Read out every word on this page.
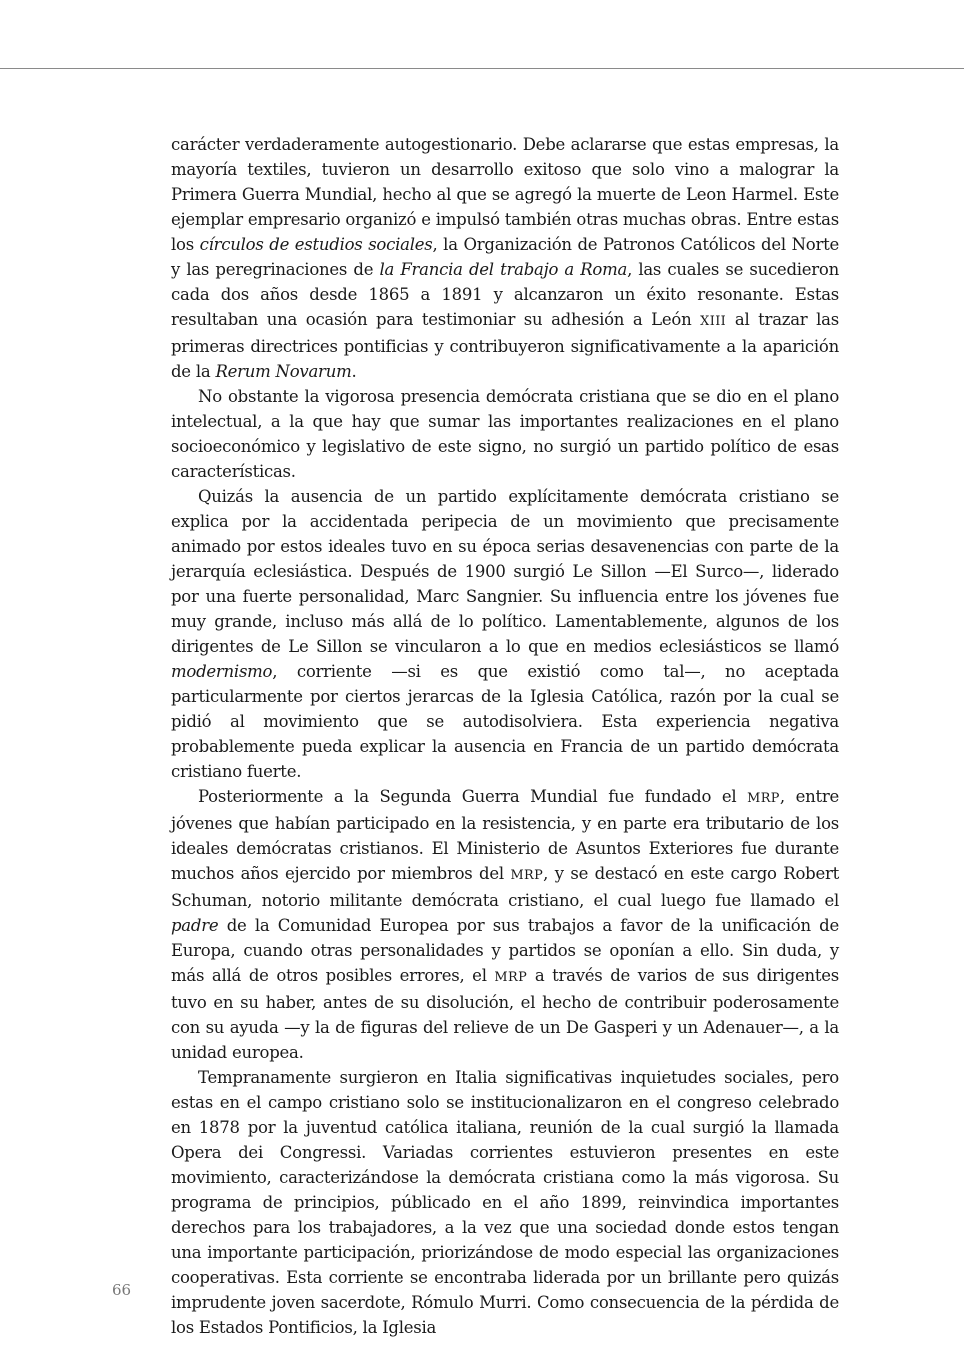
carácter verdaderamente autogestionario. Debe aclararse que estas empresas, la mayoría textiles, tuvieron un desarrollo exitoso que solo vino a malograr la Primera Guerra Mundial, hecho al que se agregó la muerte de Leon Harmel. Este ejemplar empresario organizó e impulsó también otras muchas obras. Entre estas los círculos de estudios sociales, la Organización de Patronos Católicos del Norte y las peregrinaciones de la Francia del trabajo a Roma, las cuales se sucedieron cada dos años desde 1865 a 1891 y alcanzaron un éxito resonante. Estas resultaban una ocasión para testimoniar su adhesión a León XIII al trazar las primeras directrices pontificias y contribuyeron significativamente a la aparición de la Rerum Novarum.

No obstante la vigorosa presencia demócrata cristiana que se dio en el plano intelectual, a la que hay que sumar las importantes realizaciones en el plano socioeconómico y legislativo de este signo, no surgió un partido político de esas características.

Quizás la ausencia de un partido explícitamente demócrata cristiano se explica por la accidentada peripecia de un movimiento que precisamente animado por estos ideales tuvo en su época serias desavenencias con parte de la jerarquía eclesiástica. Después de 1900 surgió Le Sillon —El Surco—, liderado por una fuerte personalidad, Marc Sangnier. Su influencia entre los jóvenes fue muy grande, incluso más allá de lo político. Lamentablemente, algunos de los dirigentes de Le Sillon se vincularon a lo que en medios eclesiásticos se llamó modernismo, corriente —si es que existió como tal—, no aceptada particularmente por ciertos jerarcas de la Iglesia Católica, razón por la cual se pidió al movimiento que se autodisolviera. Esta experiencia negativa probablemente pueda explicar la ausencia en Francia de un partido demócrata cristiano fuerte.

Posteriormente a la Segunda Guerra Mundial fue fundado el MRP, entre jóvenes que habían participado en la resistencia, y en parte era tributario de los ideales demócratas cristianos. El Ministerio de Asuntos Exteriores fue durante muchos años ejercido por miembros del MRP, y se destacó en este cargo Robert Schuman, notorio militante demócrata cristiano, el cual luego fue llamado el padre de la Comunidad Europea por sus trabajos a favor de la unificación de Europa, cuando otras personalidades y partidos se oponían a ello. Sin duda, y más allá de otros posibles errores, el MRP a través de varios de sus dirigentes tuvo en su haber, antes de su disolución, el hecho de contribuir poderosamente con su ayuda —y la de figuras del relieve de un De Gasperi y un Adenauer—, a la unidad europea.

Tempranamente surgieron en Italia significativas inquietudes sociales, pero estas en el campo cristiano solo se institucionalizaron en el congreso celebrado en 1878 por la juventud católica italiana, reunión de la cual surgió la llamada Opera dei Congressi. Variadas corrientes estuvieron presentes en este movimiento, caracterizándose la demócrata cristiana como la más vigorosa. Su programa de principios, públicado en el año 1899, reinvindica importantes derechos para los trabajadores, a la vez que una sociedad donde estos tengan una importante participación, priorizándose de modo especial las organizaciones cooperativas. Esta corriente se encontraba liderada por un brillante pero quizás imprudente joven sacerdote, Rómulo Murri. Como consecuencia de la pérdida de los Estados Pontificios, la Iglesia

66
